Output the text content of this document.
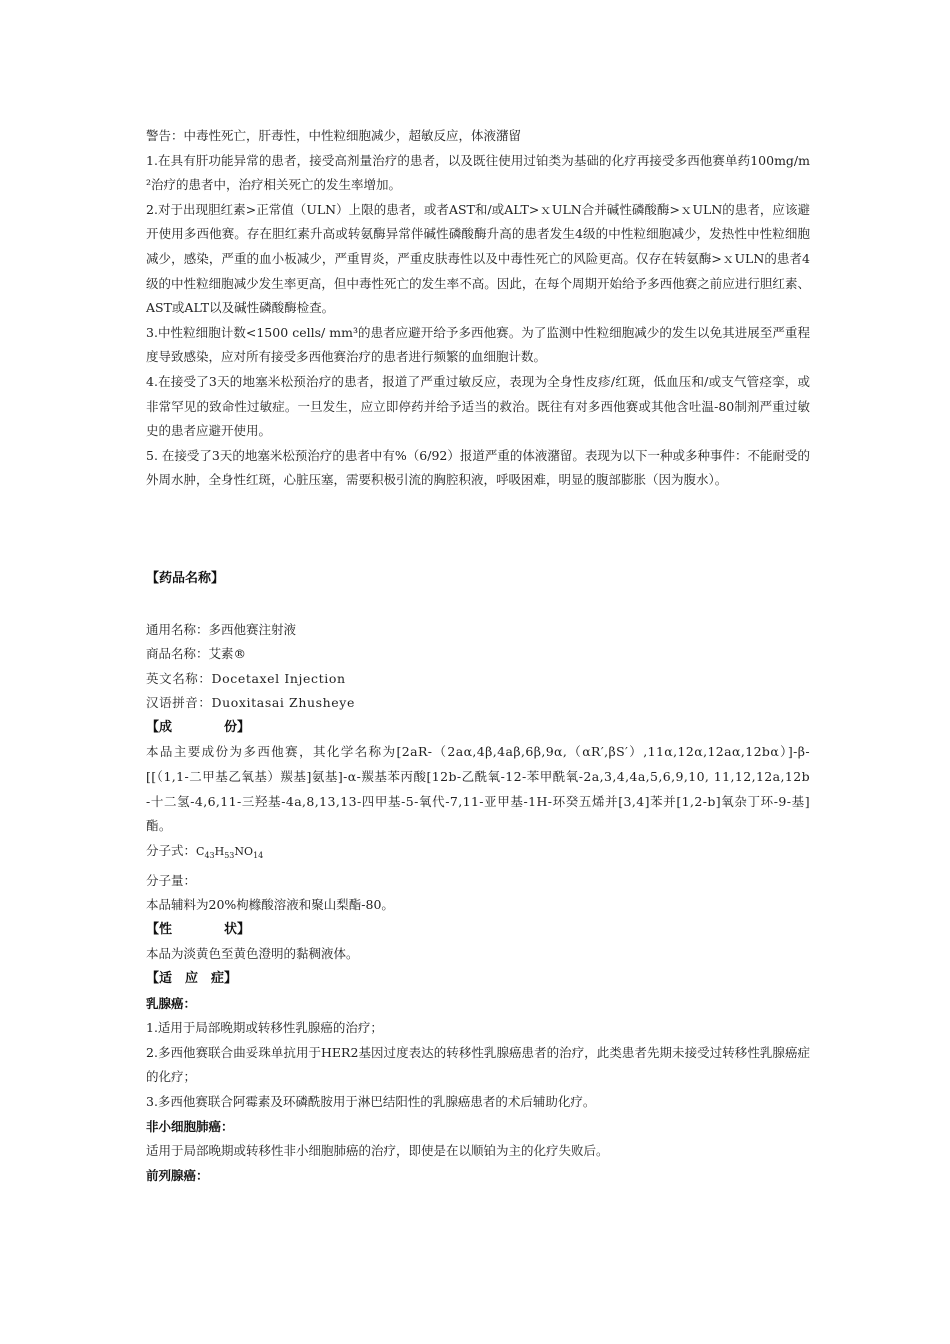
警告：中毒性死亡，肝毒性，中性粒细胞减少，超敏反应，体液潴留

1.在具有肝功能异常的患者，接受高剂量治疗的患者，以及既往使用过铂类为基础的化疗再接受多西他赛单药100mg/m²治疗的患者中，治疗相关死亡的发生率增加。

2.对于出现胆红素>正常值（ULN）上限的患者，或者AST和/或ALT>ｘULN合并碱性磷酸酶>ｘULN的患者，应该避开使用多西他赛。存在胆红素升高或转氨酶异常伴碱性磷酸酶升高的患者发生4级的中性粒细胞减少，发热性中性粒细胞减少，感染，严重的血小板减少，严重胃炎，严重皮肤毒性以及中毒性死亡的风险更高。仅存在转氨酶>ｘULN的患者4级的中性粒细胞减少发生率更高，但中毒性死亡的发生率不高。因此，在每个周期开始给予多西他赛之前应进行胆红素、AST或ALT以及碱性磷酸酶检查。

3.中性粒细胞计数<1500 cells/ mm³的患者应避开给予多西他赛。为了监测中性粒细胞减少的发生以免其进展至严重程度导致感染，应对所有接受多西他赛治疗的患者进行频繁的血细胞计数。

4.在接受了3天的地塞米松预治疗的患者，报道了严重过敏反应，表现为全身性皮疹/红斑，低血压和/或支气管痉挛，或非常罕见的致命性过敏症。一旦发生，应立即停药并给予适当的救治。既往有对多西他赛或其他含吐温-80制剂严重过敏史的患者应避开使用。

5. 在接受了3天的地塞米松预治疗的患者中有%（6/92）报道严重的体液潴留。表现为以下一种或多种事件：不能耐受的外周水肿，全身性红斑，心脏压塞，需要积极引流的胸腔积液，呼吸困难，明显的腹部膨胀（因为腹水）。

【药品名称】

通用名称：多西他赛注射液

商品名称：艾素®

英文名称：Docetaxel Injection

汉语拼音：Duoxitasai Zhusheye

【成	份】

本品主要成份为多西他赛，其化学名称为[2aR-（2aα,4β,4aβ,6β,9α,（αR′,βS′）,11α,12α,12aα,12bα）]-β-[[（1,1-二甲基乙氧基）羰基]氨基]-α-羰基苯丙酸[12b-乙酰氧-12-苯甲酰氧-2a,3,4,4a,5,6,9,10, 11,12,12a,12b-十二氢-4,6,11-三羟基-4a,8,13,13-四甲基-5-氧代-7,11-亚甲基-1H-环癸五烯并[3,4]苯并[1,2-b]氧杂丁环-9-基]酯。

分子式：$C_{43}H_{53}NO_{14}$

分子量：

本品辅料为20%枸橼酸溶液和聚山梨酯-80。

【性	状】

本品为淡黄色至黄色澄明的黏稠液体。

【适　应　症】

乳腺癌：

1.适用于局部晚期或转移性乳腺癌的治疗；

2.多西他赛联合曲妥珠单抗用于HER2基因过度表达的转移性乳腺癌患者的治疗，此类患者先期未接受过转移性乳腺癌症的化疗；

3.多西他赛联合阿霉素及环磷酰胺用于淋巴结阳性的乳腺癌患者的术后辅助化疗。

非小细胞肺癌：

适用于局部晚期或转移性非小细胞肺癌的治疗，即使是在以顺铂为主的化疗失败后。

前列腺癌：
